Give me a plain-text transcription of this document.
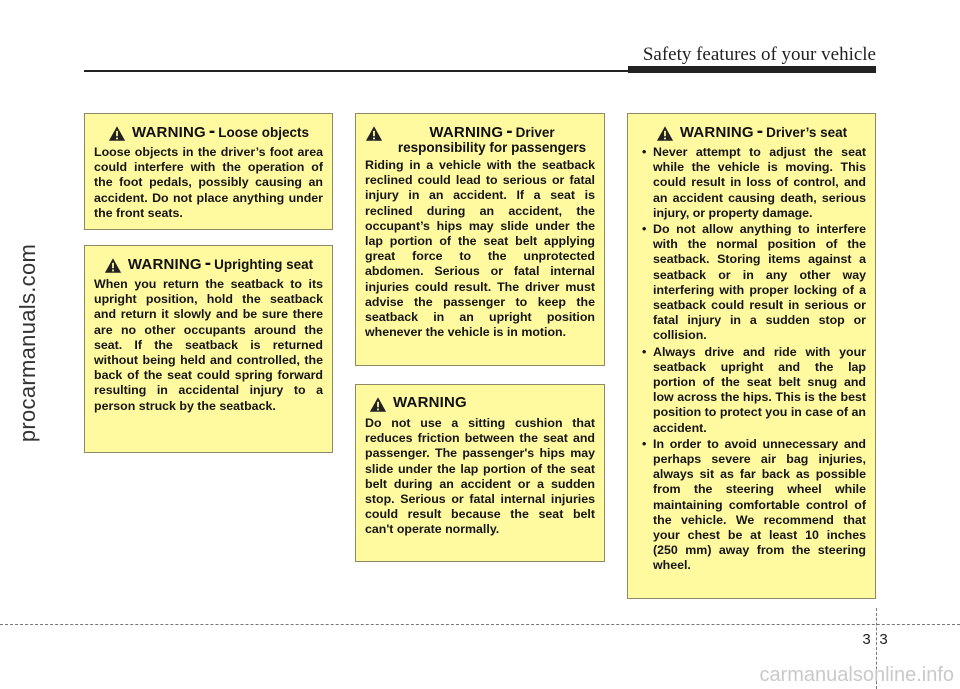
Safety features of your vehicle
procarmanuals.com
WARNING - Loose objects
Loose objects in the driver’s foot area could interfere with the operation of the foot pedals, possibly causing an accident. Do not place anything under the front seats.
WARNING - Uprighting seat
When you return the seatback to its upright position, hold the seatback and return it slowly and be sure there are no other occupants around the seat. If the seatback is returned without being held and controlled, the back of the seat could spring forward resulting in accidental injury to a person struck by the seatback.
WARNING - Driver responsibility for passengers
Riding in a vehicle with the seatback reclined could lead to serious or fatal injury in an accident. If a seat is reclined during an accident, the occupant’s hips may slide under the lap portion of the seat belt applying great force to the unprotected abdomen. Serious or fatal internal injuries could result. The driver must advise the passenger to keep the seatback in an upright position whenever the vehicle is in motion.
WARNING
Do not use a sitting cushion that reduces friction between the seat and passenger. The passenger's hips may slide under the lap portion of the seat belt during an accident or a sudden stop. Serious or fatal internal injuries could result because the seat belt can't operate normally.
WARNING - Driver’s seat
• Never attempt to adjust the seat while the vehicle is moving. This could result in loss of control, and an accident causing death, serious injury, or property damage.
• Do not allow anything to interfere with the normal position of the seatback. Storing items against a seatback or in any other way interfering with proper locking of a seatback could result in serious or fatal injury in a sudden stop or collision.
• Always drive and ride with your seatback upright and the lap portion of the seat belt snug and low across the hips. This is the best position to protect you in case of an accident.
• In order to avoid unnecessary and perhaps severe air bag injuries, always sit as far back as possible from the steering wheel while maintaining comfortable control of the vehicle. We recommend that your chest be at least 10 inches (250 mm) away from the steering wheel.
3 3
carmanualsonline.info
